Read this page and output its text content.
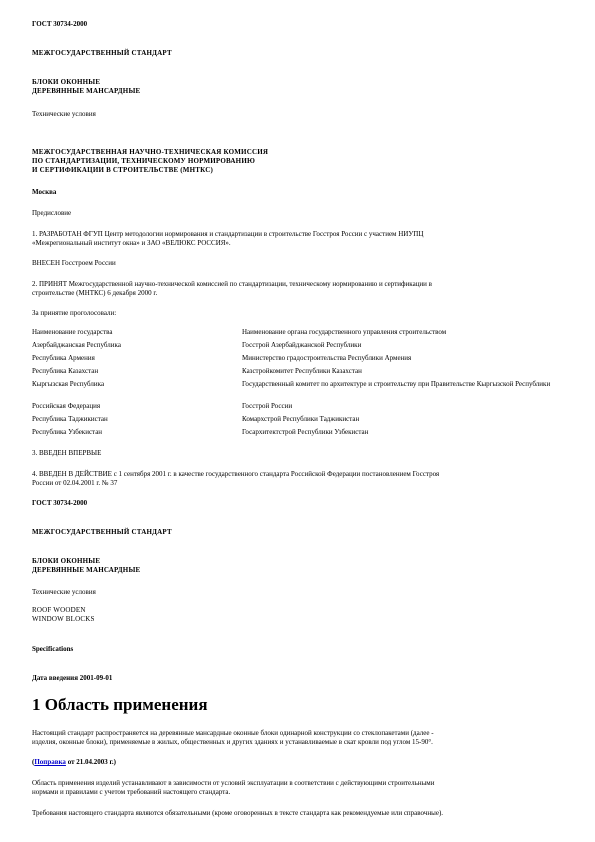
ГОСТ 30734-2000
МЕЖГОСУДАРСТВЕННЫЙ СТАНДАРТ
БЛОКИ ОКОННЫЕ
ДЕРЕВЯННЫЕ МАНСАРДНЫЕ
Технические условия
МЕЖГОСУДАРСТВЕННАЯ НАУЧНО-ТЕХНИЧЕСКАЯ КОМИССИЯ
ПО СТАНДАРТИЗАЦИИ, ТЕХНИЧЕСКОМУ НОРМИРОВАНИЮ
И СЕРТИФИКАЦИИ В СТРОИТЕЛЬСТВЕ (МНТКС)
Москва
Предисловие
1. РАЗРАБОТАН ФГУП Центр методологии нормирования и стандартизации в строительстве Госстроя России с участием НИУПЦ
«Межрегиональный институт окна» и ЗАО «ВЕЛЮКС РОССИЯ».
ВНЕСЕН Госстроем России
2. ПРИНЯТ Межгосударственной научно-технической комиссией по стандартизации, техническому нормированию и сертификации в
строительстве (МНТКС) 6 декабря 2000 г.
За принятие проголосовали:
Наименование государства	Наименование органа государственного управления строительством
Азербайджанская Республика	Госстрой Азербайджанской Республики
Республика Армения	Министерство градостроительства Республики Армения
Республика Казахстан	Казстройкомитет Республики Казахстан
Кыргызская Республика	Государственный комитет по архитектуре и строительству при Правительстве Кыргызской Республики
Российская Федерация	Госстрой России
Республика Таджикистан	Комархстрой Республики Таджикистан
Республика Узбекистан	Госархитектстрой Республики Узбекистан
3. ВВЕДЕН ВПЕРВЫЕ
4. ВВЕДЕН В ДЕЙСТВИЕ с 1 сентября 2001 г. в качестве государственного стандарта Российской Федерации постановлением Госстроя
России от 02.04.2001 г. № 37
ГОСТ 30734-2000
МЕЖГОСУДАРСТВЕННЫЙ СТАНДАРТ
БЛОКИ ОКОННЫЕ
ДЕРЕВЯННЫЕ МАНСАРДНЫЕ
Технические условия
ROOF WOODEN
WINDOW BLOCKS
Specifications
Дата введения 2001-09-01
1 Область применения
Настоящий стандарт распространяется на деревянные мансардные оконные блоки одинарной конструкции со стеклопакетами (далее -
изделия, оконные блоки), применяемые в жилых, общественных и других зданиях и устанавливаемые в скат кровли под углом 15-90°.
(Поправка от 21.04.2003 г.)
Область применения изделий устанавливают в зависимости от условий эксплуатации в соответствии с действующими строительными
нормами и правилами с учетом требований настоящего стандарта.
Требования настоящего стандарта являются обязательными (кроме оговоренных в тексте стандарта как рекомендуемые или справочные).
